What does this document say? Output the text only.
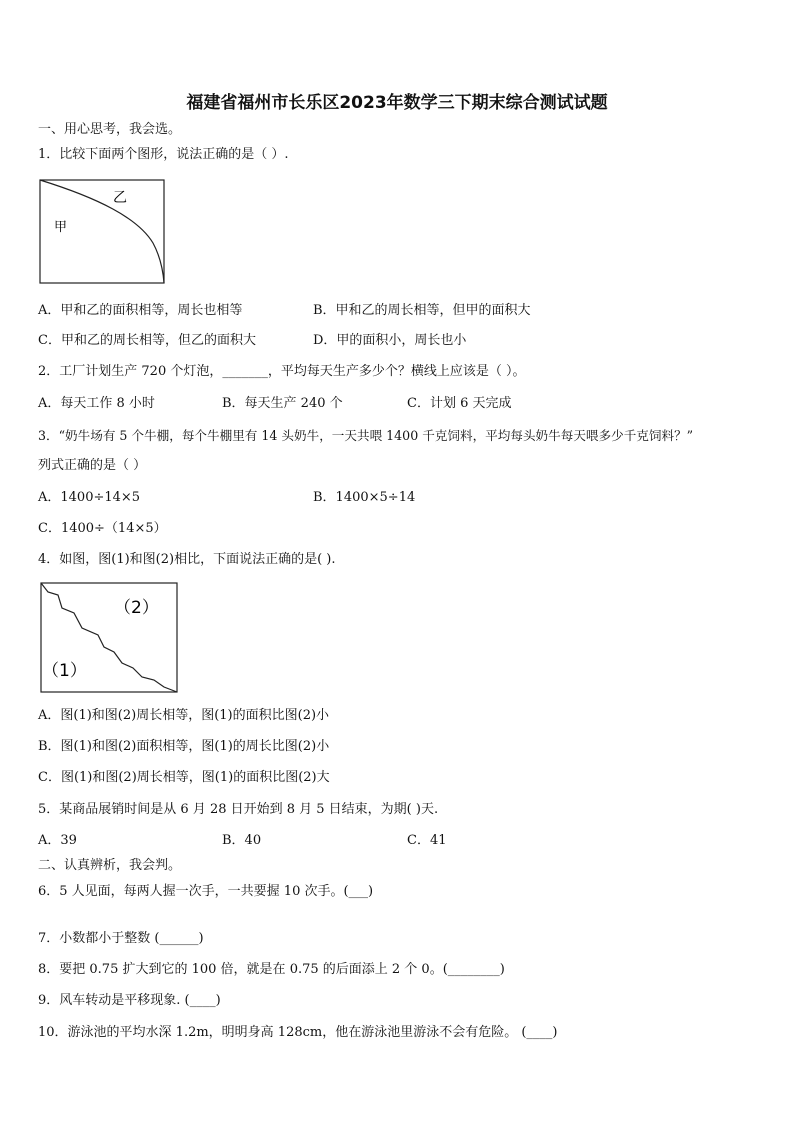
福建省福州市长乐区2023年数学三下期末综合测试试题
一、用心思考，我会选。
1．比较下面两个图形，说法正确的是（ ）.
乙
甲
A．甲和乙的面积相等，周长也相等	B．甲和乙的周长相等，但甲的面积大
C．甲和乙的周长相等，但乙的面积大	D．甲的面积小，周长也小
2．工厂计划生产 720 个灯泡，_______，平均每天生产多少个？横线上应该是（ ）。
A．每天工作 8 小时	B．每天生产 240 个	C．计划 6 天完成
3．“奶牛场有 5 个牛棚，每个牛棚里有 14 头奶牛，一天共喂 1400 千克饲料，平均每头奶牛每天喂多少千克饲料？”
列式正确的是（ ）
A．1400÷14×5	B．1400×5÷14
C．1400÷（14×5）
4．如图，图(1)和图(2)相比，下面说法正确的是( ).
（2）
（1）
A．图(1)和图(2)周长相等，图(1)的面积比图(2)小
B．图(1)和图(2)面积相等，图(1)的周长比图(2)小
C．图(1)和图(2)周长相等，图(1)的面积比图(2)大
5．某商品展销时间是从 6 月 28 日开始到 8 月 5 日结束，为期( )天.
A．39	B．40	C．41
二、认真辨析，我会判。
6．5 人见面，每两人握一次手，一共要握 10 次手。(___)
7．小数都小于整数 (______)
8．要把 0.75 扩大到它的 100 倍，就是在 0.75 的后面添上 2 个 0。(________)
9．风车转动是平移现象. (____)
10．游泳池的平均水深 1.2m，明明身高 128cm，他在游泳池里游泳不会有危险。 (____)
